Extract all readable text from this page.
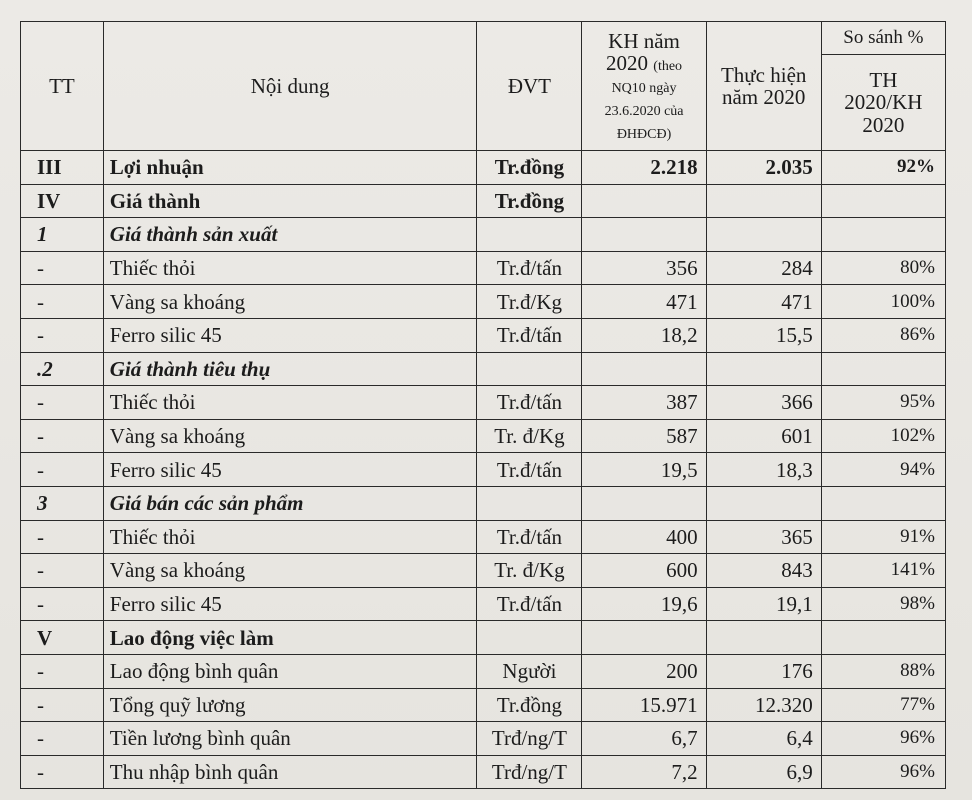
TT	Nội dung	ĐVT	KH năm 2020 (theo NQ10 ngày 23.6.2020 của ĐHĐCĐ)	Thực hiện năm 2020	So sánh %
					TH 2020/KH 2020
III	Lợi nhuận	Tr.đồng	2.218	2.035	92%
IV	Giá thành	Tr.đồng			
1	Giá thành sản xuất				
-	Thiếc thỏi	Tr.đ/tấn	356	284	80%
-	Vàng sa khoáng	Tr.đ/Kg	471	471	100%
-	Ferro silic 45	Tr.đ/tấn	18,2	15,5	86%
.2	Giá thành tiêu thụ				
-	Thiếc thỏi	Tr.đ/tấn	387	366	95%
-	Vàng sa khoáng	Tr. đ/Kg	587	601	102%
-	Ferro silic 45	Tr.đ/tấn	19,5	18,3	94%
3	Giá bán các sản phẩm				
-	Thiếc thỏi	Tr.đ/tấn	400	365	91%
-	Vàng sa khoáng	Tr. đ/Kg	600	843	141%
-	Ferro silic 45	Tr.đ/tấn	19,6	19,1	98%
V	Lao động việc làm				
-	Lao động bình quân	Người	200	176	88%
-	Tổng quỹ lương	Tr.đồng	15.971	12.320	77%
-	Tiền lương bình quân	Trđ/ng/T	6,7	6,4	96%
-	Thu nhập bình quân	Trđ/ng/T	7,2	6,9	96%
